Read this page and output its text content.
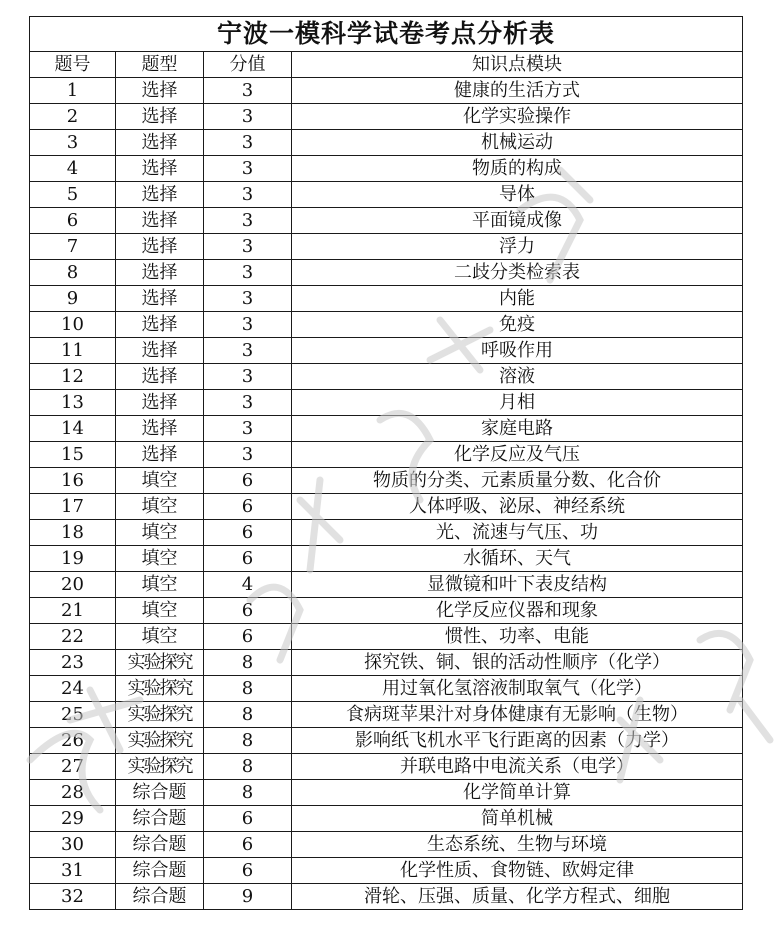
宁波一模科学试卷考点分析表			
题号	题型	分值	知识点模块
1	选择	3	健康的生活方式
2	选择	3	化学实验操作
3	选择	3	机械运动
4	选择	3	物质的构成
5	选择	3	导体
6	选择	3	平面镜成像
7	选择	3	浮力
8	选择	3	二歧分类检索表
9	选择	3	内能
10	选择	3	免疫
11	选择	3	呼吸作用
12	选择	3	溶液
13	选择	3	月相
14	选择	3	家庭电路
15	选择	3	化学反应及气压
16	填空	6	物质的分类、元素质量分数、化合价
17	填空	6	人体呼吸、泌尿、神经系统
18	填空	6	光、流速与气压、功
19	填空	6	水循环、天气
20	填空	4	显微镜和叶下表皮结构
21	填空	6	化学反应仪器和现象
22	填空	6	惯性、功率、电能
23	实验探究	8	探究铁、铜、银的活动性顺序（化学）
24	实验探究	8	用过氧化氢溶液制取氧气（化学）
25	实验探究	8	食病斑苹果汁对身体健康有无影响（生物）
26	实验探究	8	影响纸飞机水平飞行距离的因素（力学）
27	实验探究	8	并联电路中电流关系（电学）
28	综合题	8	化学简单计算
29	综合题	6	简单机械
30	综合题	6	生态系统、生物与环境
31	综合题	6	化学性质、食物链、欧姆定律
32	综合题	9	滑轮、压强、质量、化学方程式、细胞
